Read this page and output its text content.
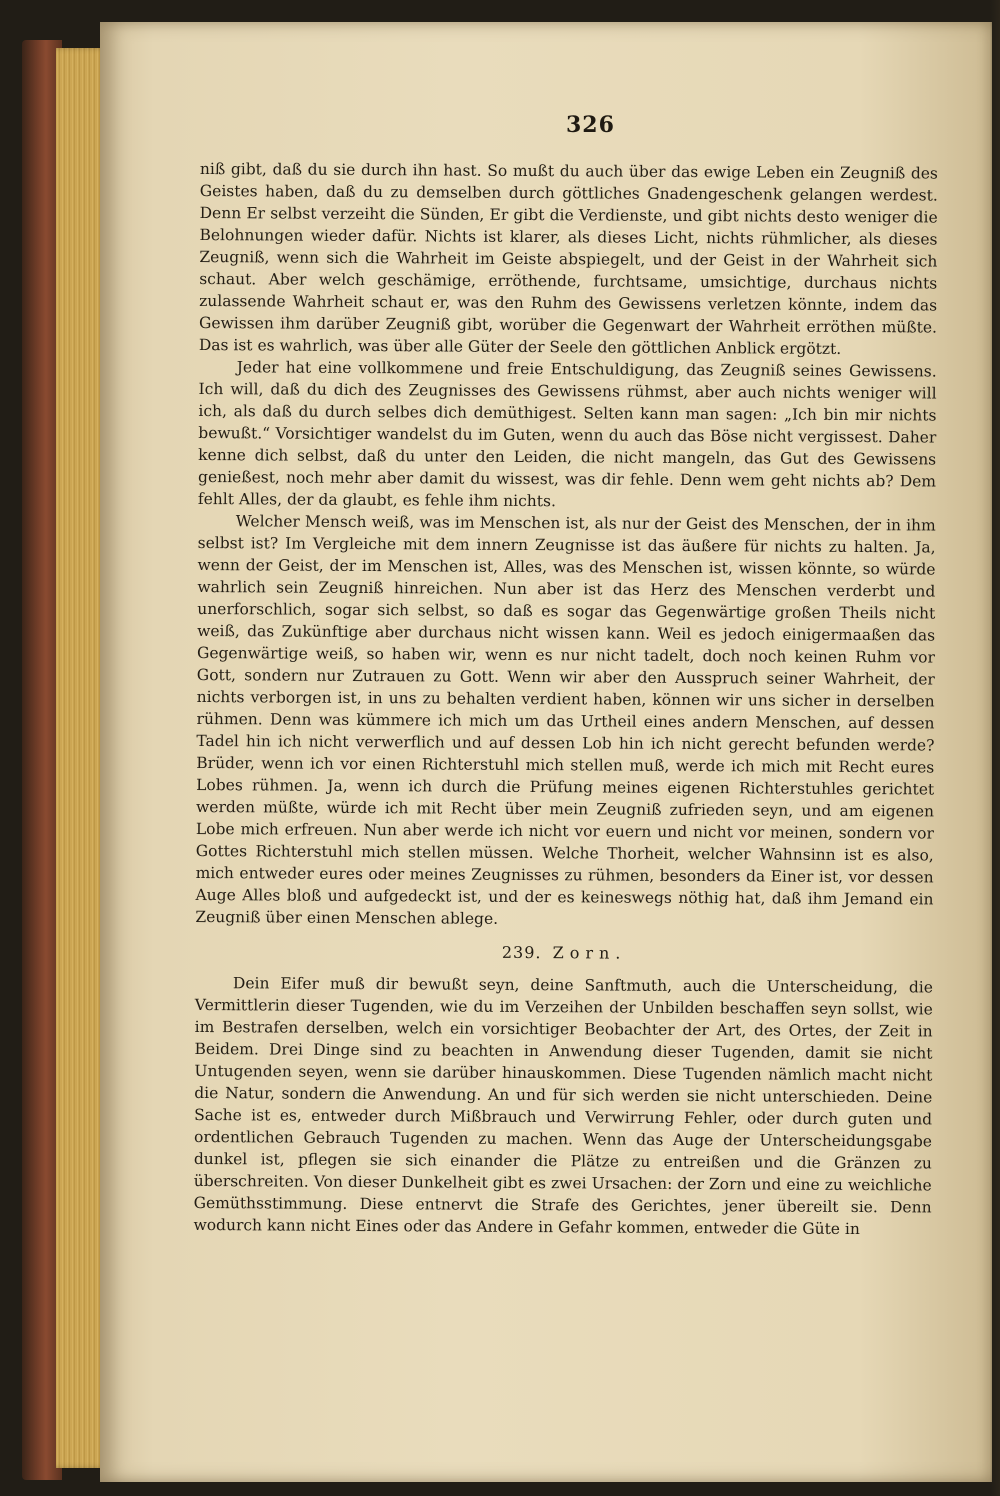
326

niß gibt, daß du sie durch ihn hast. So mußt du auch über das ewige Leben ein Zeugniß des Geistes haben, daß du zu demselben durch göttliches Gnadengeschenk gelangen werdest. Denn Er selbst verzeiht die Sünden, Er gibt die Verdienste, und gibt nichts desto weniger die Belohnungen wieder dafür. Nichts ist klarer, als dieses Licht, nichts rühmlicher, als dieses Zeugniß, wenn sich die Wahrheit im Geiste abspiegelt, und der Geist in der Wahrheit sich schaut. Aber welch geschämige, erröthende, furchtsame, umsichtige, durchaus nichts zulassende Wahrheit schaut er, was den Ruhm des Gewissens verletzen könnte, indem das Gewissen ihm darüber Zeugniß gibt, worüber die Gegenwart der Wahrheit erröthen müßte. Das ist es wahrlich, was über alle Güter der Seele den göttlichen Anblick ergötzt.

Jeder hat eine vollkommene und freie Entschuldigung, das Zeugniß seines Gewissens. Ich will, daß du dich des Zeugnisses des Gewissens rühmst, aber auch nichts weniger will ich, als daß du durch selbes dich demüthigest. Selten kann man sagen: „Ich bin mir nichts bewußt.“ Vorsichtiger wandelst du im Guten, wenn du auch das Böse nicht vergissest. Daher kenne dich selbst, daß du unter den Leiden, die nicht mangeln, das Gut des Gewissens genießest, noch mehr aber damit du wissest, was dir fehle. Denn wem geht nichts ab? Dem fehlt Alles, der da glaubt, es fehle ihm nichts.

Welcher Mensch weiß, was im Menschen ist, als nur der Geist des Menschen, der in ihm selbst ist? Im Vergleiche mit dem innern Zeugnisse ist das äußere für nichts zu halten. Ja, wenn der Geist, der im Menschen ist, Alles, was des Menschen ist, wissen könnte, so würde wahrlich sein Zeugniß hinreichen. Nun aber ist das Herz des Menschen verderbt und unerforschlich, sogar sich selbst, so daß es sogar das Gegenwärtige großen Theils nicht weiß, das Zukünftige aber durchaus nicht wissen kann. Weil es jedoch einigermaaßen das Gegenwärtige weiß, so haben wir, wenn es nur nicht tadelt, doch noch keinen Ruhm vor Gott, sondern nur Zutrauen zu Gott. Wenn wir aber den Ausspruch seiner Wahrheit, der nichts verborgen ist, in uns zu behalten verdient haben, können wir uns sicher in derselben rühmen. Denn was kümmere ich mich um das Urtheil eines andern Menschen, auf dessen Tadel hin ich nicht verwerflich und auf dessen Lob hin ich nicht gerecht befunden werde? Brüder, wenn ich vor einen Richterstuhl mich stellen muß, werde ich mich mit Recht eures Lobes rühmen. Ja, wenn ich durch die Prüfung meines eigenen Richterstuhles gerichtet werden müßte, würde ich mit Recht über mein Zeugniß zufrieden seyn, und am eigenen Lobe mich erfreuen. Nun aber werde ich nicht vor euern und nicht vor meinen, sondern vor Gottes Richterstuhl mich stellen müssen. Welche Thorheit, welcher Wahnsinn ist es also, mich entweder eures oder meines Zeugnisses zu rühmen, besonders da Einer ist, vor dessen Auge Alles bloß und aufgedeckt ist, und der es keineswegs nöthig hat, daß ihm Jemand ein Zeugniß über einen Menschen ablege.

239. Zorn.

Dein Eifer muß dir bewußt seyn, deine Sanftmuth, auch die Unterscheidung, die Vermittlerin dieser Tugenden, wie du im Verzeihen der Unbilden beschaffen seyn sollst, wie im Bestrafen derselben, welch ein vorsichtiger Beobachter der Art, des Ortes, der Zeit in Beidem. Drei Dinge sind zu beachten in Anwendung dieser Tugenden, damit sie nicht Untugenden seyen, wenn sie darüber hinauskommen. Diese Tugenden nämlich macht nicht die Natur, sondern die Anwendung. An und für sich werden sie nicht unterschieden. Deine Sache ist es, entweder durch Mißbrauch und Verwirrung Fehler, oder durch guten und ordentlichen Gebrauch Tugenden zu machen. Wenn das Auge der Unterscheidungsgabe dunkel ist, pflegen sie sich einander die Plätze zu entreißen und die Gränzen zu überschreiten. Von dieser Dunkelheit gibt es zwei Ursachen: der Zorn und eine zu weichliche Gemüthsstimmung. Diese entnervt die Strafe des Gerichtes, jener übereilt sie. Denn wodurch kann nicht Eines oder das Andere in Gefahr kommen, entweder die Güte in
